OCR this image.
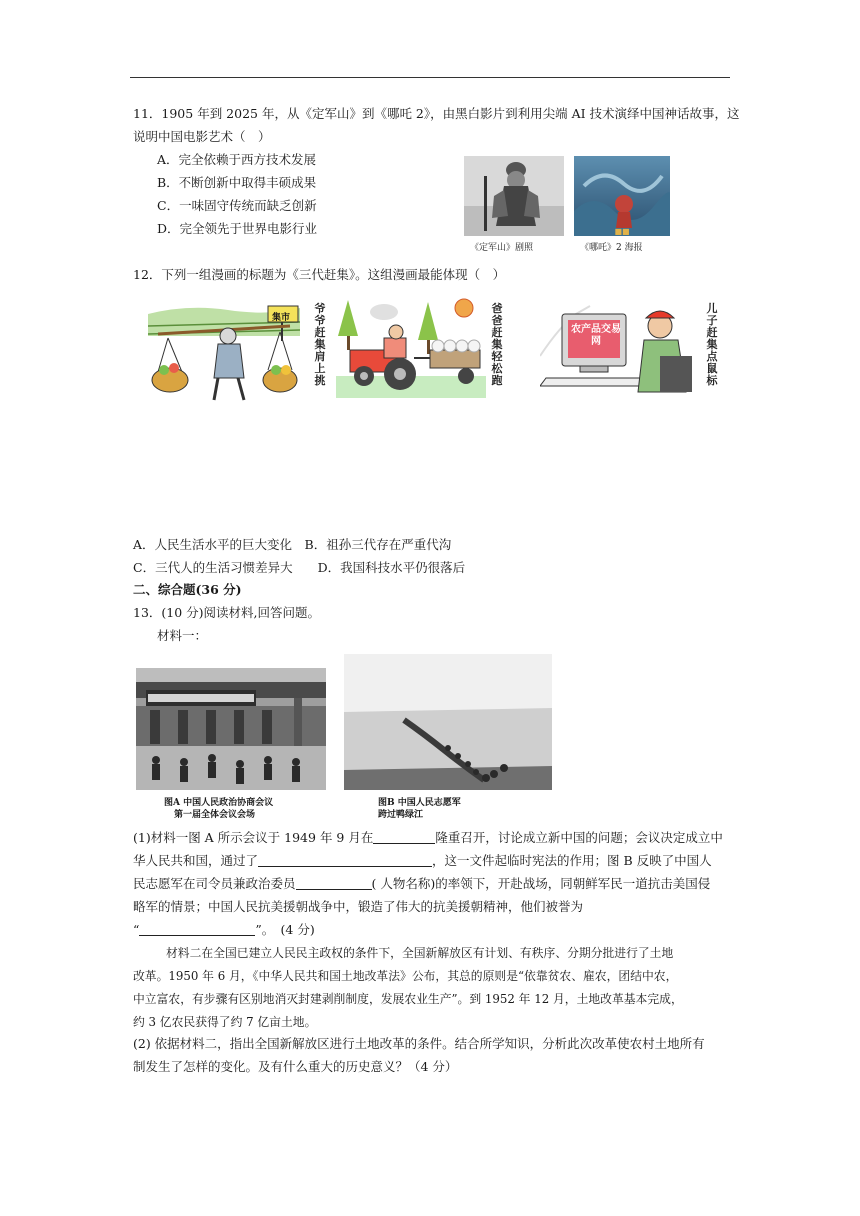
11．1905 年到 2025 年，从《定军山》到《哪吒 2》，由黑白影片到利用尖端 AI 技术演绎中国神话故事，这
说明中国电影艺术（　）
A．完全依赖于西方技术发展
B．不断创新中取得丰硕成果
C．一味固守传统而缺乏创新
D．完全领先于世界电影行业	■■
《定军山》剧照	《哪吒》2 海报
12．下列一组漫画的标题为《三代赶集》。这组漫画最能体现（　）
集市
爷爷赶集肩上挑
爸爸赶集轻松跑
农产品交易网
儿子赶集点鼠标
A．人民生活水平的巨大变化　B．祖孙三代存在严重代沟
C．三代人的生活习惯差异大　　D．我国科技水平仍很落后
二、综合题(36 分)
13．(10 分)阅读材料,回答问题。
材料一：
图A 中国人民政治协商会议
第一届全体会议会场
图B 中国人民志愿军
跨过鸭绿江
(1)材料一图 A 所示会议于 1949 年 9 月在	隆重召开，讨论成立新中国的问题；会议决定成立中
华人民共和国，通过了	，这一文件起临时宪法的作用；图 B 反映了中国人
民志愿军在司令员兼政治委员	( 人物名称)的率领下，开赴战场，同朝鲜军民一道抗击美国侵
略军的情景；中国人民抗美援朝战争中，锻造了伟大的抗美援朝精神，他们被誉为
“	”。　(4 分)
材料二在全国已建立人民民主政权的条件下，全国新解放区有计划、有秩序、分期分批进行了土地
改革。1950 年 6 月，《中华人民共和国土地改革法》公布，其总的原则是“依靠贫农、雇农，团结中农，
中立富农，有步骤有区别地消灭封建剥削制度，发展农业生产”。到 1952 年 12 月，土地改革基本完成，
约 3 亿农民获得了约 7 亿亩土地。
(2) 依据材料二，指出全国新解放区进行土地改革的条件。结合所学知识，分析此次改革使农村土地所有
制发生了怎样的变化。及有什么重大的历史意义？（4 分）
